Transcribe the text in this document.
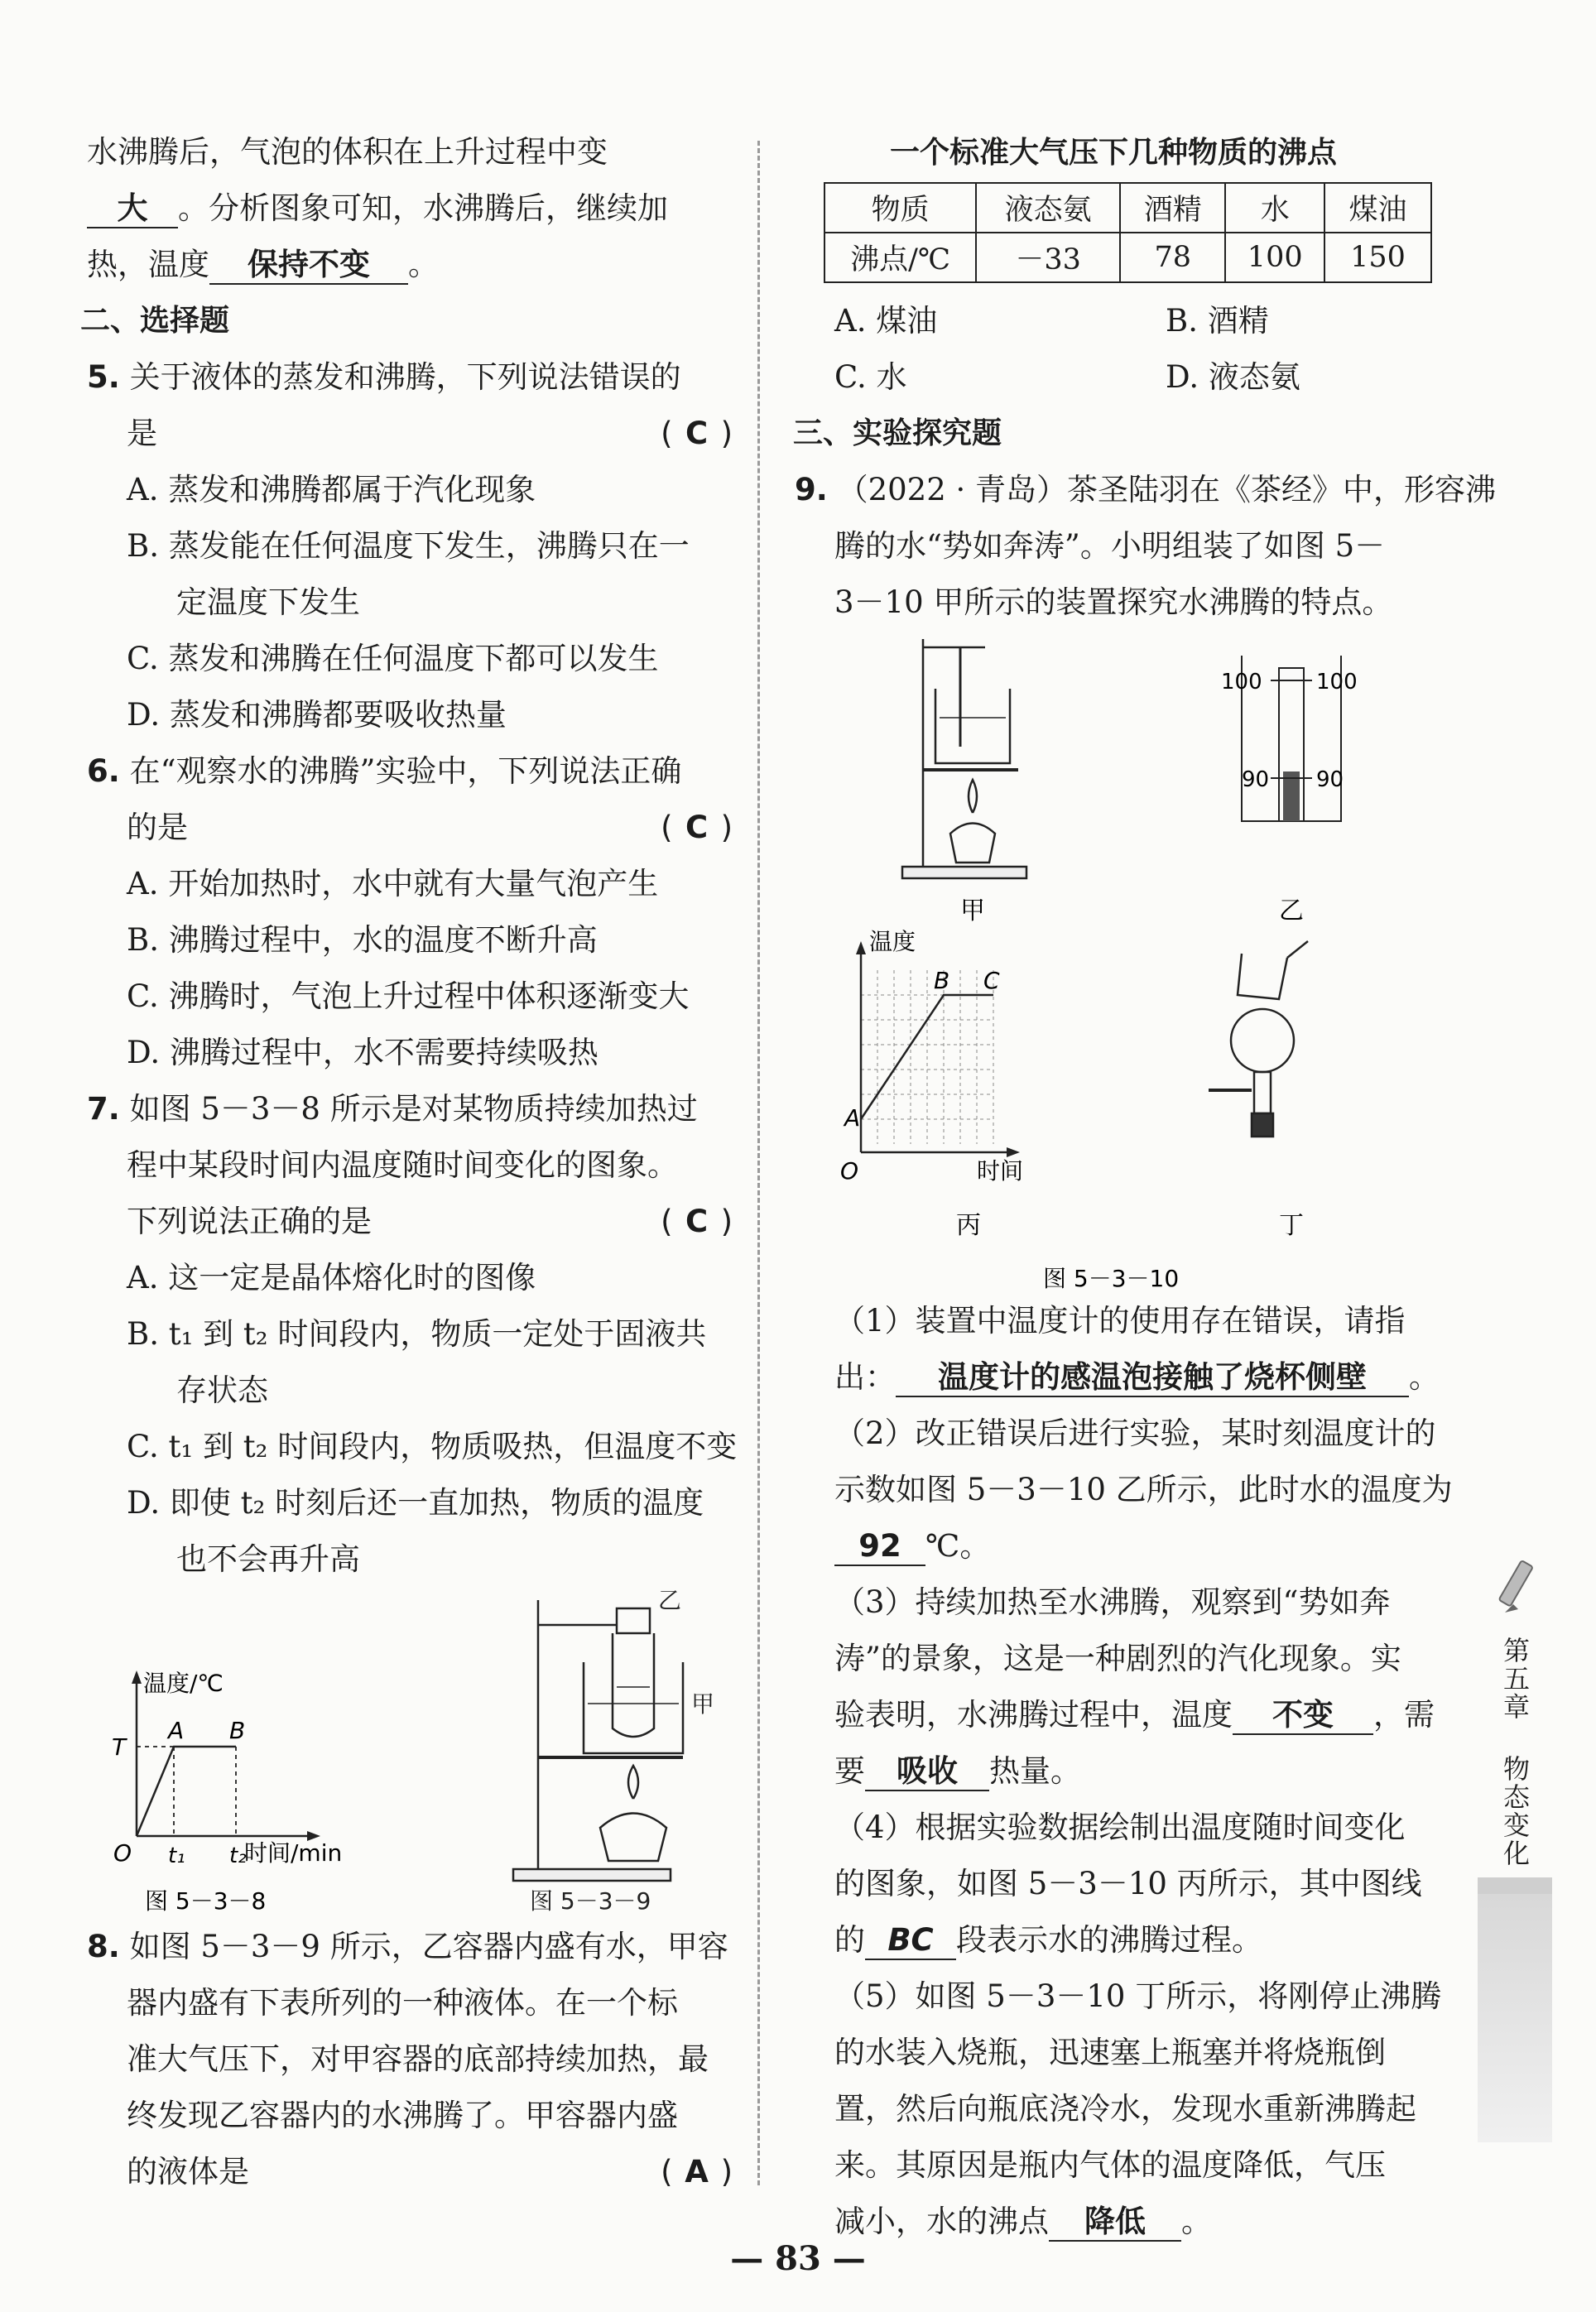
水沸腾后，气泡的体积在上升过程中变
大 。分析图象可知，水沸腾后，继续加
热，温度 保持不变 。
二、选择题
5. 关于液体的蒸发和沸腾，下列说法错误的
是	( C )
A. 蒸发和沸腾都属于汽化现象
B. 蒸发能在任何温度下发生，沸腾只在一
定温度下发生
C. 蒸发和沸腾在任何温度下都可以发生
D. 蒸发和沸腾都要吸收热量
6. 在“观察水的沸腾”实验中，下列说法正确
的是	( C )
A. 开始加热时，水中就有大量气泡产生
B. 沸腾过程中，水的温度不断升高
C. 沸腾时，气泡上升过程中体积逐渐变大
D. 沸腾过程中，水不需要持续吸热
7. 如图 5－3－8 所示是对某物质持续加热过
程中某段时间内温度随时间变化的图象。
下列说法正确的是	( C )
A. 这一定是晶体熔化时的图像
B. t₁ 到 t₂ 时间段内，物质一定处于固液共
存状态
C. t₁ 到 t₂ 时间段内，物质吸热，但温度不变
D. 即使 t₂ 时刻后还一直加热，物质的温度
也不会再升高
温度/℃
时间/min
O
T
A B
t₁ t₂
图 5－3－8
乙
甲
图 5－3－9
8. 如图 5－3－9 所示，乙容器内盛有水，甲容
器内盛有下表所列的一种液体。在一个标
准大气压下，对甲容器的底部持续加热，最
终发现乙容器内的水沸腾了。甲容器内盛
的液体是	( A )
一个标准大气压下几种物质的沸点
物质	液态氨	酒精	水	煤油
沸点/℃	－33	78	100	150
A. 煤油	B. 酒精
C. 水	D. 液态氨
三、实验探究题
9. （2022 · 青岛）茶圣陆羽在《茶经》中，形容沸
腾的水“势如奔涛”。小明组装了如图 5－
3－10 甲所示的装置探究水沸腾的特点。
甲
100	100
90 90
乙
温度
时间
O
A
B C
丙	丁
图 5－3－10
（1）装置中温度计的使用存在错误，请指
出： 温度计的感温泡接触了烧杯侧壁 。
（2）改正错误后进行实验，某时刻温度计的
示数如图 5－3－10 乙所示，此时水的温度为
92 ℃。
（3）持续加热至水沸腾，观察到“势如奔
涛”的景象，这是一种剧烈的汽化现象。实
验表明，水沸腾过程中，温度 不变 ，需
要 吸收 热量。
（4）根据实验数据绘制出温度随时间变化
的图象，如图 5－3－10 丙所示，其中图线
的 BC 段表示水的沸腾过程。
（5）如图 5－3－10 丁所示，将刚停止沸腾
的水装入烧瓶，迅速塞上瓶塞并将烧瓶倒
置，然后向瓶底浇冷水，发现水重新沸腾起
来。其原因是瓶内气体的温度降低，气压
减小，水的沸点 降低 。
第五章
物态变化
— 83 —
